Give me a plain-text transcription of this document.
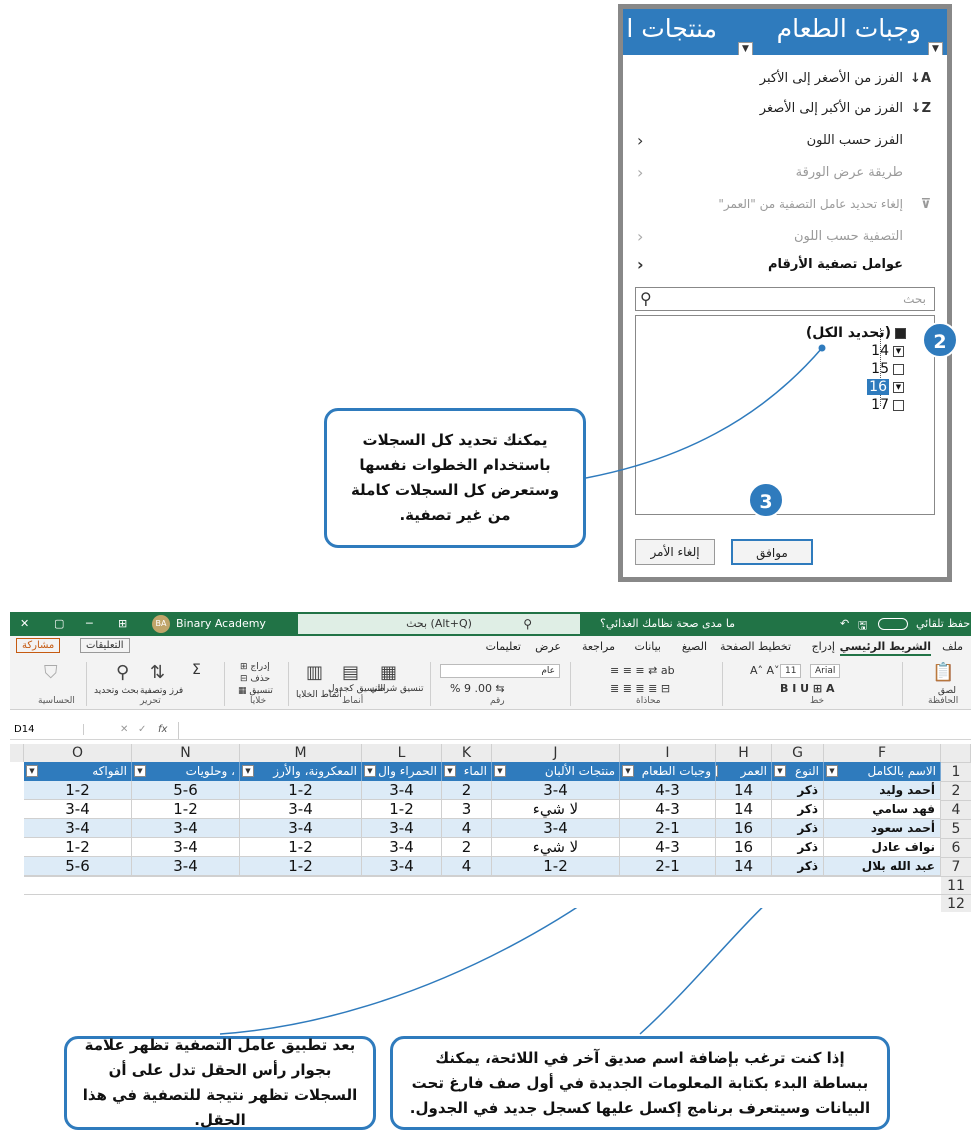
وجبات الطعام
منتجات ا
▼
▼
A↓
الفرز من الأصغر إلى الأكبر
Z↓
الفرز من الأكبر إلى الأصغر
الفرز حسب اللون
‹
طريقة عرض الورقة
‹
⊽
إلغاء تحديد عامل التصفية من "العمر"
التصفية حسب اللون
‹
عوامل تصفية الأرقام
‹
بحث
⚲
(تحديد الكل)
▼
14
15
▼
16
17
موافق
إلغاء الأمر
2
3
يمكنك تحديد كل السجلات باستخدام الخطوات نفسها وستعرض كل السجلات كاملة من غير تصفية.
بعد تطبيق عامل التصفية تظهر علامة بجوار رأس الحقل تدل على أن السجلات تظهر نتيجة للتصفية في هذا الحقل.
إذا كنت ترغب بإضافة اسم صديق آخر في اللائحة، يمكنك ببساطة البدء بكتابة المعلومات الجديدة في أول صف فارغ تحت البيانات وسيتعرف برنامج إكسل عليها كسجل جديد في الجدول.
✕ ▢ ─ ⊞	BA Binary Academy	بحث (Alt+Q)	⚲	ما مدى صحة نظامك الغذائي؟	↶ 🖫	حفظ تلقائي
ملف
الشريط الرئيسي
إدراج
تخطيط الصفحة
الصيغ
بيانات
مراجعة
عرض
تعليمات
مشاركة	التعليقات
📋
لصق
الحافظة
Arial
11
A˄ A˅
B I U ⊞ A
خط
≡ ≡ ≡ ⇄ ab
≣ ≣ ≣ ≣ ⊟
محاذاة
عام
% 9 .00 ⇆
رقم
▦
▤
▥
تنسيق شرطي
التنسيق كجدول
أنماط الخلايا
أنماط
⊞ إدراج
⊟ حذف
▦ تنسيق
خلايا
Σ
⇅
⚲
فرز وتصفية
بحث وتحديد
تحرير
⛉
الحساسية
D14	✕ ✓ fx
O	N	M	L	K	J	I	H	G	F
1
الفواكه
▼	، وحلويات
▼	المعكرونة، والأرز
▼	الحمراء وال
▼	الماء
▼	منتجات الألبان
▼	وجبات الطعام
▼	العمر	النوع
▼	الاسم بالكامل
▼
11
12
2
1-2	5-6	1-2	3-4	2	3-4	4-3	14	ذكر	أحمد وليد
4
3-4	1-2	3-4	1-2	3	لا شيء	4-3	14	ذكر	فهد سامي
5
3-4	3-4	3-4	3-4	4	3-4	2-1	16	ذكر	أحمد سعود
6
1-2	3-4	1-2	3-4	2	لا شيء	4-3	16	ذكر	نواف عادل
7
5-6	3-4	1-2	3-4	4	1-2	2-1	14	ذكر	عبد الله بلال
